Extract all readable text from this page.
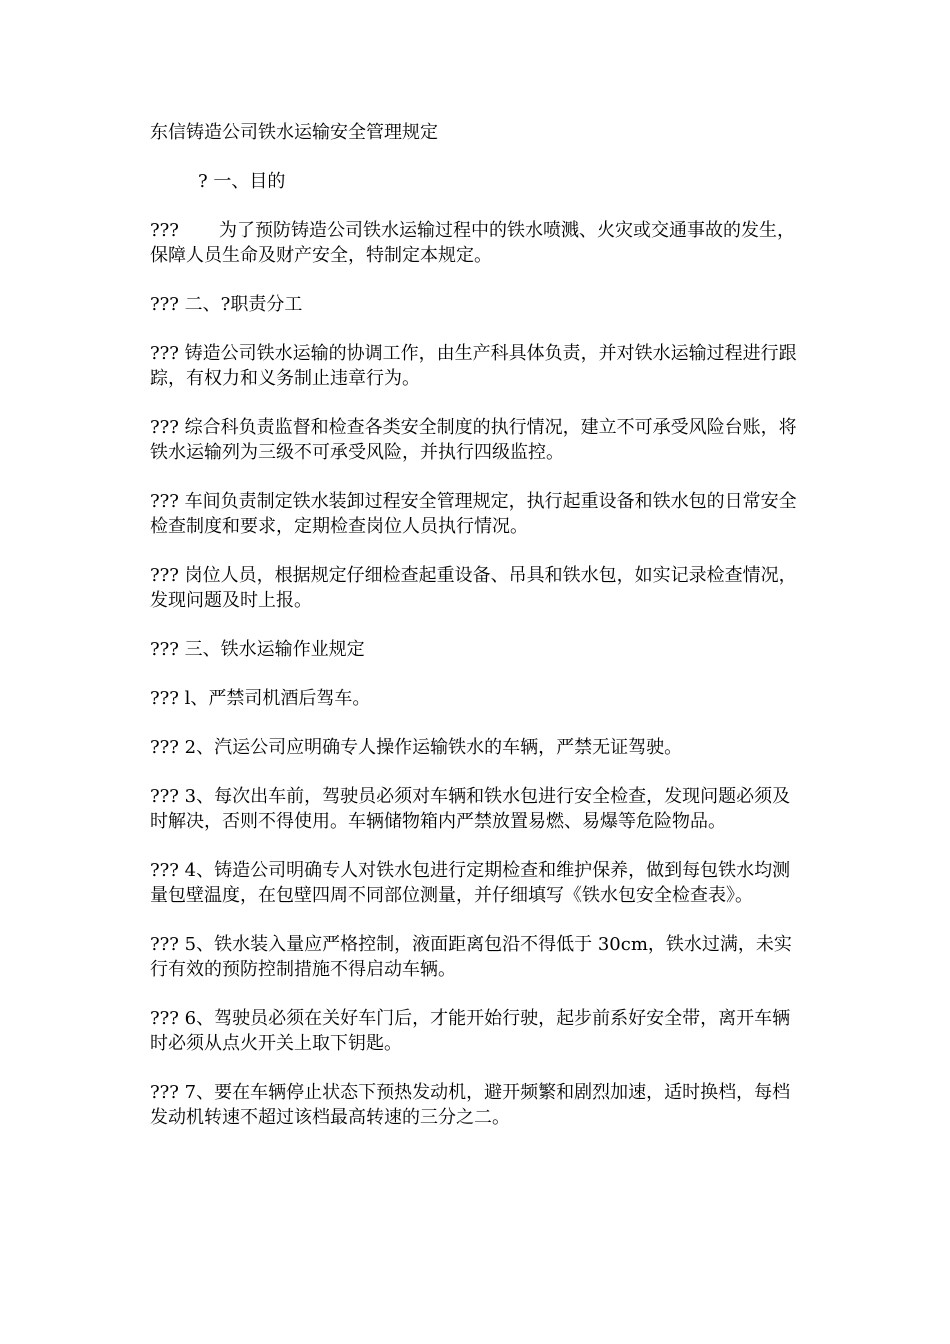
东信铸造公司铁水运输安全管理规定
? 一、目的
??? 为了预防铸造公司铁水运输过程中的铁水喷溅、火灾或交通事故的发生，保障人员生命及财产安全，特制定本规定。
??? 二、?职责分工
??? 铸造公司铁水运输的协调工作，由生产科具体负责，并对铁水运输过程进行跟踪，有权力和义务制止违章行为。
??? 综合科负责监督和检查各类安全制度的执行情况，建立不可承受风险台账，将铁水运输列为三级不可承受风险，并执行四级监控。
??? 车间负责制定铁水装卸过程安全管理规定，执行起重设备和铁水包的日常安全检查制度和要求，定期检查岗位人员执行情况。
??? 岗位人员，根据规定仔细检查起重设备、吊具和铁水包，如实记录检查情况，发现问题及时上报。
??? 三、铁水运输作业规定
??? l、严禁司机酒后驾车。
??? 2、汽运公司应明确专人操作运输铁水的车辆，严禁无证驾驶。
??? 3、每次出车前，驾驶员必须对车辆和铁水包进行安全检查，发现问题必须及时解决，否则不得使用。车辆储物箱内严禁放置易燃、易爆等危险物品。
??? 4、铸造公司明确专人对铁水包进行定期检查和维护保养，做到每包铁水均测量包壁温度，在包壁四周不同部位测量，并仔细填写《铁水包安全检查表》。
??? 5、铁水装入量应严格控制，液面距离包沿不得低于 30cm，铁水过满，未实行有效的预防控制措施不得启动车辆。
??? 6、驾驶员必须在关好车门后，才能开始行驶，起步前系好安全带，离开车辆时必须从点火开关上取下钥匙。
??? 7、要在车辆停止状态下预热发动机，避开频繁和剧烈加速，适时换档，每档发动机转速不超过该档最高转速的三分之二。
